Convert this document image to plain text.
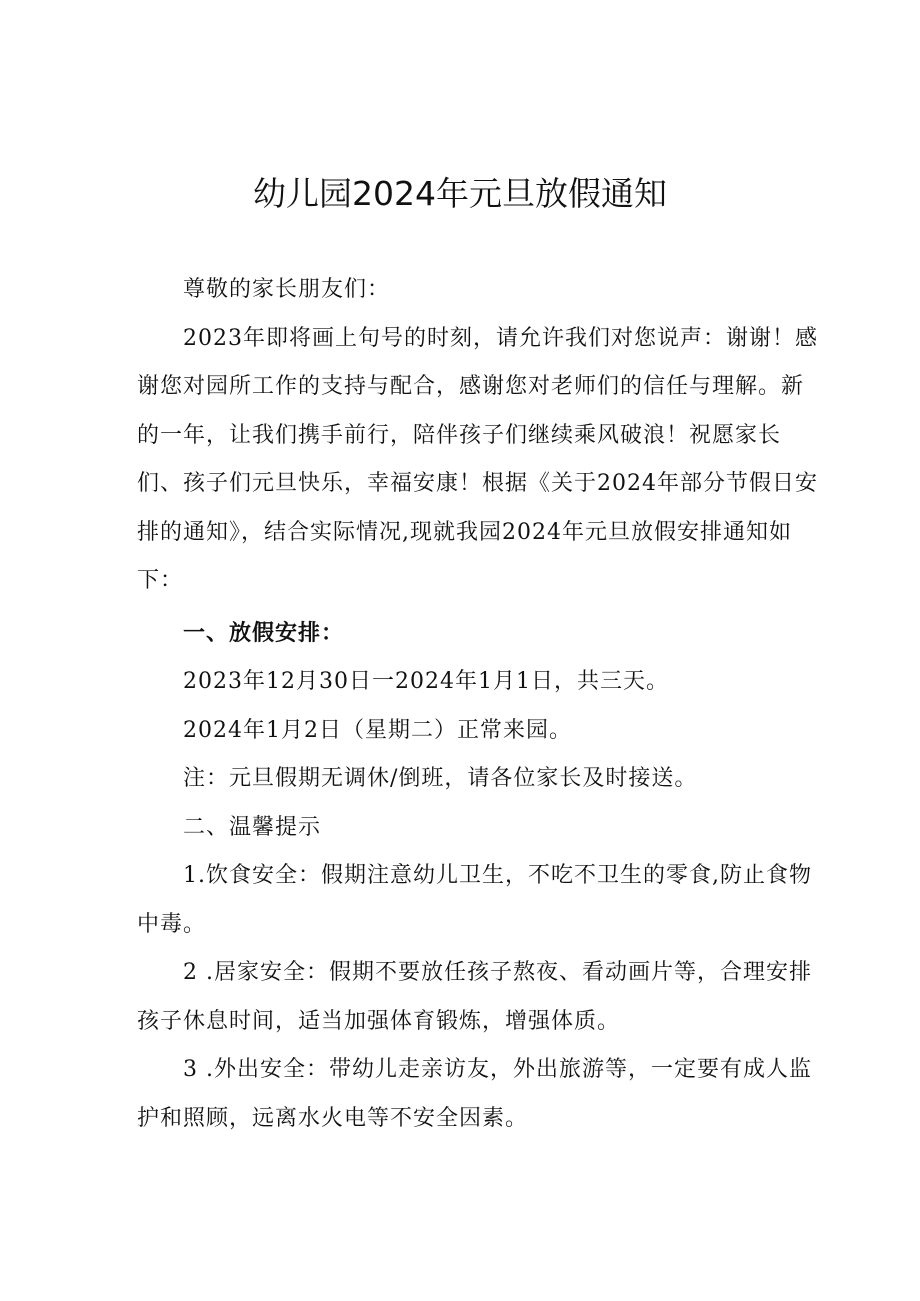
幼儿园2024年元旦放假通知

尊敬的家长朋友们：

2023年即将画上句号的时刻，请允许我们对您说声：谢谢！感谢您对园所工作的支持与配合，感谢您对老师们的信任与理解。新的一年，让我们携手前行，陪伴孩子们继续乘风破浪！祝愿家长们、孩子们元旦快乐，幸福安康！根据《关于2024年部分节假日安排的通知》，结合实际情况,现就我园2024年元旦放假安排通知如下：

一、放假安排：

2023年12月30日一2024年1月1日，共三天。

2024年1月2日（星期二）正常来园。

注：元旦假期无调休/倒班，请各位家长及时接送。

二、温馨提示

1.饮食安全：假期注意幼儿卫生，不吃不卫生的零食,防止食物中毒。

2 .居家安全：假期不要放任孩子熬夜、看动画片等，合理安排孩子休息时间，适当加强体育锻炼，增强体质。

3 .外出安全：带幼儿走亲访友，外出旅游等，一定要有成人监护和照顾，远离水火电等不安全因素。
